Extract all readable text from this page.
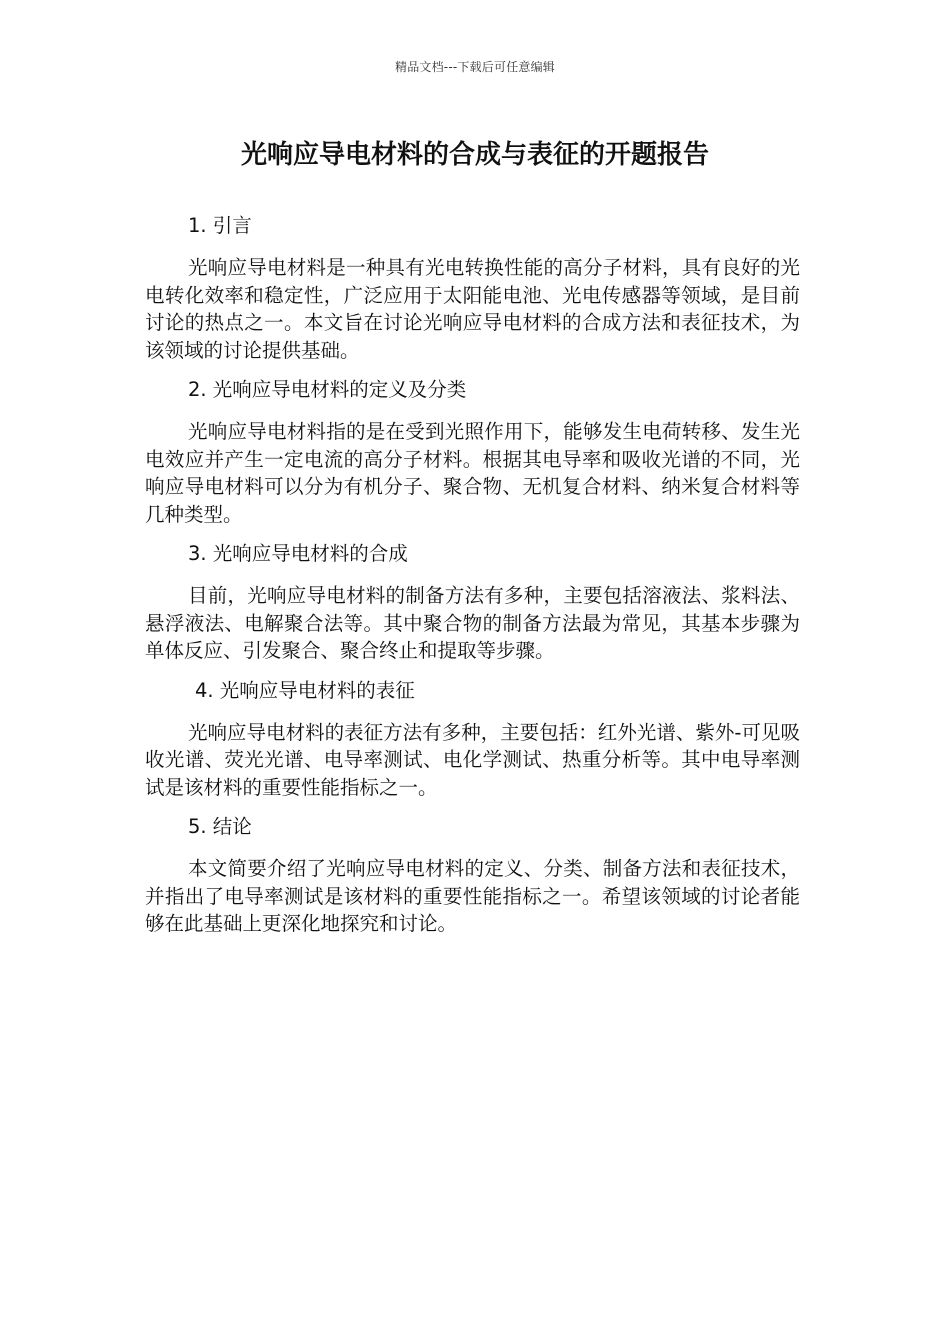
精品文档---下载后可任意编辑
光响应导电材料的合成与表征的开题报告

1. 引言

光响应导电材料是一种具有光电转换性能的高分子材料，具有良好的光电转化效率和稳定性，广泛应用于太阳能电池、光电传感器等领域，是目前讨论的热点之一。本文旨在讨论光响应导电材料的合成方法和表征技术，为该领域的讨论提供基础。

2. 光响应导电材料的定义及分类

光响应导电材料指的是在受到光照作用下，能够发生电荷转移、发生光电效应并产生一定电流的高分子材料。根据其电导率和吸收光谱的不同，光响应导电材料可以分为有机分子、聚合物、无机复合材料、纳米复合材料等几种类型。

3. 光响应导电材料的合成

目前，光响应导电材料的制备方法有多种，主要包括溶液法、浆料法、悬浮液法、电解聚合法等。其中聚合物的制备方法最为常见，其基本步骤为单体反应、引发聚合、聚合终止和提取等步骤。

4. 光响应导电材料的表征

光响应导电材料的表征方法有多种，主要包括：红外光谱、紫外-可见吸收光谱、荧光光谱、电导率测试、电化学测试、热重分析等。其中电导率测试是该材料的重要性能指标之一。

5. 结论

本文简要介绍了光响应导电材料的定义、分类、制备方法和表征技术，并指出了电导率测试是该材料的重要性能指标之一。希望该领域的讨论者能够在此基础上更深化地探究和讨论。
